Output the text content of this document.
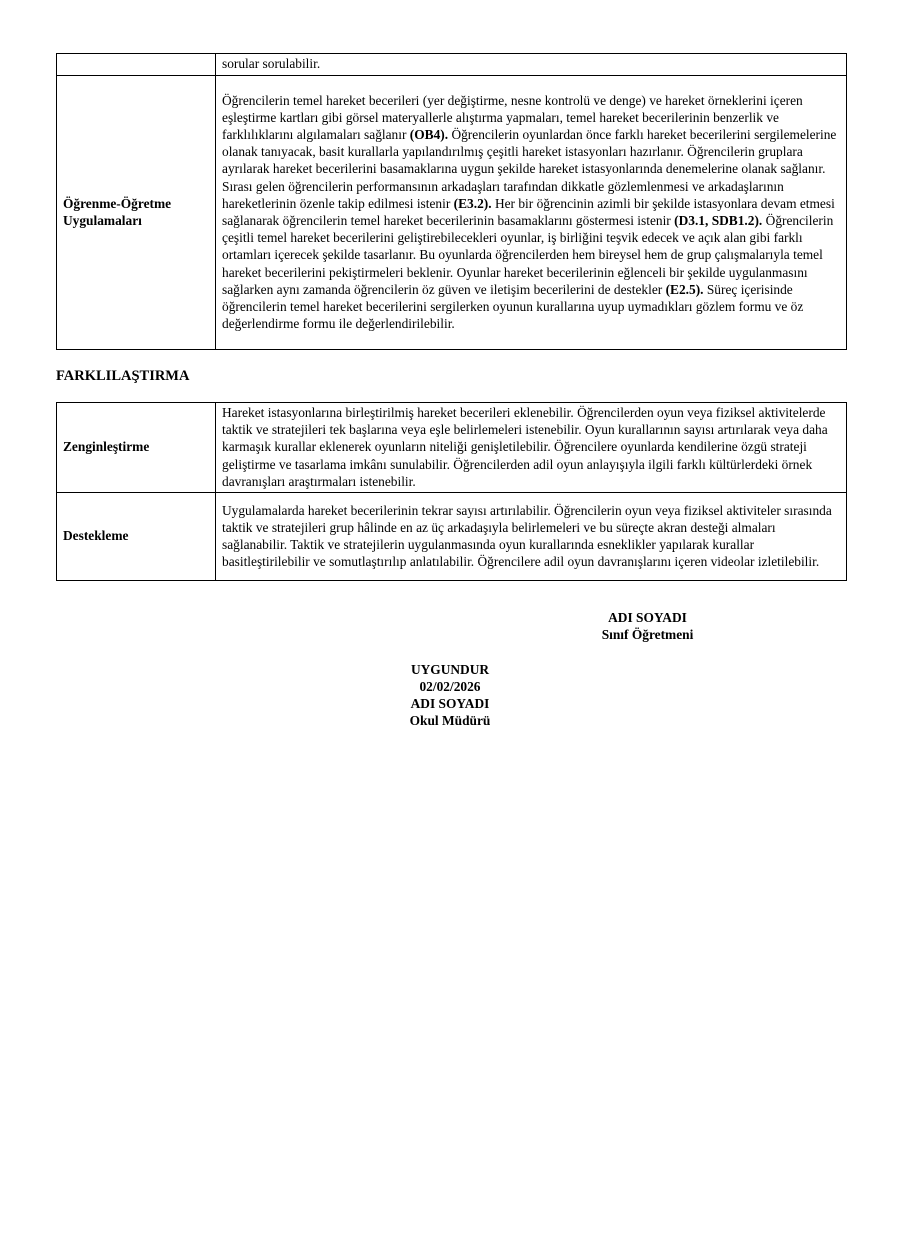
	sorular sorulabilir.
Öğrenme-Öğretme Uygulamaları	Öğrencilerin temel hareket becerileri (yer değiştirme, nesne kontrolü ve denge) ve hareket örneklerini içeren eşleştirme kartları gibi görsel materyallerle alıştırma yapmaları, temel hareket becerilerinin benzerlik ve farklılıklarını algılamaları sağlanır (OB4). Öğrencilerin oyunlardan önce farklı hareket becerilerini sergilemelerine olanak tanıyacak, basit kurallarla yapılandırılmış çeşitli hareket istasyonları hazırlanır. Öğrencilerin gruplara ayrılarak hareket becerilerini basamaklarına uygun şekilde hareket istasyonlarında denemelerine olanak sağlanır. Sırası gelen öğrencilerin performansının arkadaşları tarafından dikkatle gözlemlenmesi ve arkadaşlarının hareketlerinin özenle takip edilmesi istenir (E3.2). Her bir öğrencinin azimli bir şekilde istasyonlara devam etmesi sağlanarak öğrencilerin temel hareket becerilerinin basamaklarını göstermesi istenir (D3.1, SDB1.2). Öğrencilerin çeşitli temel hareket becerilerini geliştirebilecekleri oyunlar, iş birliğini teşvik edecek ve açık alan gibi farklı ortamları içerecek şekilde tasarlanır. Bu oyunlarda öğrencilerden hem bireysel hem de grup çalışmalarıyla temel hareket becerilerini pekiştirmeleri beklenir. Oyunlar hareket becerilerinin eğlenceli bir şekilde uygulanmasını sağlarken aynı zamanda öğrencilerin öz güven ve iletişim becerilerini de destekler (E2.5). Süreç içerisinde öğrencilerin temel hareket becerilerini sergilerken oyunun kurallarına uyup uymadıkları gözlem formu ve öz değerlendirme formu ile değerlendirilebilir.
FARKLILAŞTIRMA
Zenginleştirme	Hareket istasyonlarına birleştirilmiş hareket becerileri eklenebilir. Öğrencilerden oyun veya fiziksel aktivitelerde taktik ve stratejileri tek başlarına veya eşle belirlemeleri istenebilir. Oyun kurallarının sayısı artırılarak veya daha karmaşık kurallar eklenerek oyunların niteliği genişletilebilir. Öğrencilere oyunlarda kendilerine özgü strateji geliştirme ve tasarlama imkânı sunulabilir. Öğrencilerden adil oyun anlayışıyla ilgili farklı kültürlerdeki örnek davranışları araştırmaları istenebilir.
Destekleme	Uygulamalarda hareket becerilerinin tekrar sayısı artırılabilir. Öğrencilerin oyun veya fiziksel aktiviteler sırasında taktik ve stratejileri grup hâlinde en az üç arkadaşıyla belirlemeleri ve bu süreçte akran desteği almaları sağlanabilir. Taktik ve stratejilerin uygulanmasında oyun kurallarında esneklikler yapılarak kurallar basitleştirilebilir ve somutlaştırılıp anlatılabilir. Öğrencilere adil oyun davranışlarını içeren videolar izletilebilir.
ADI SOYADI
Sınıf Öğretmeni
UYGUNDUR
02/02/2026
ADI SOYADI
Okul Müdürü
